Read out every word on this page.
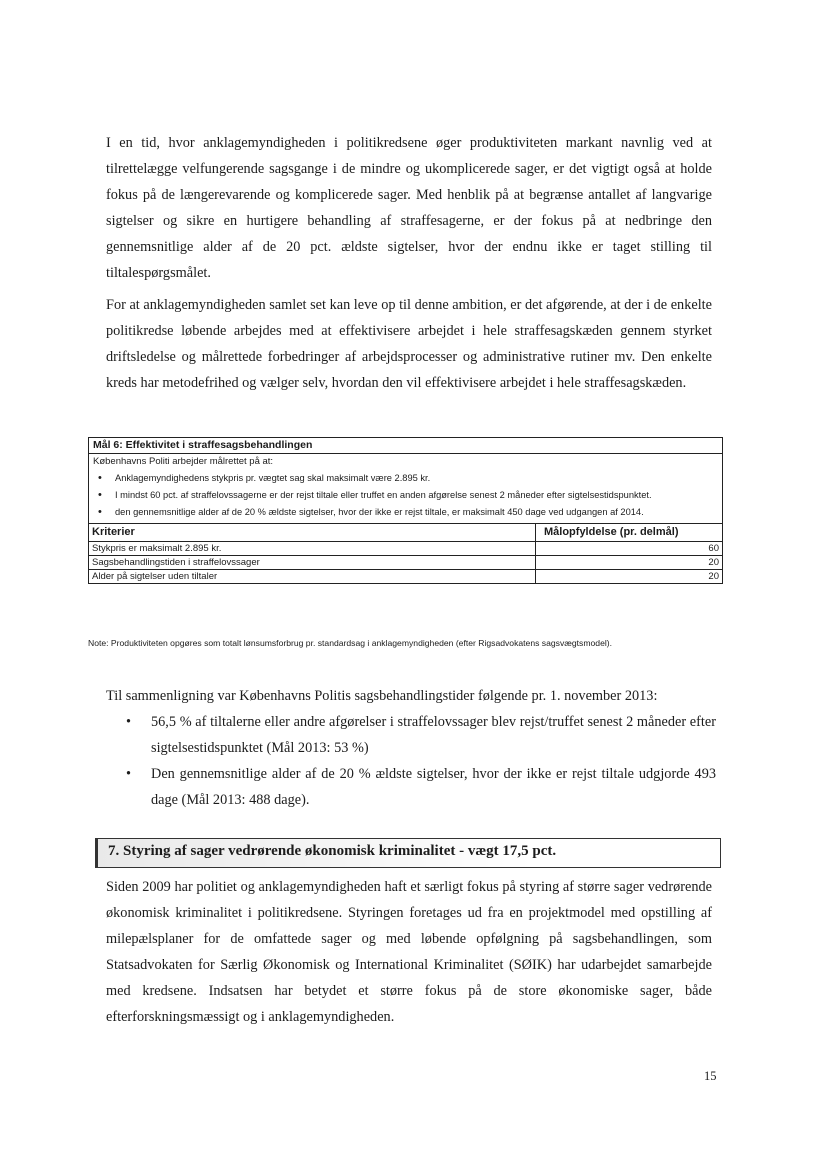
I en tid, hvor anklagemyndigheden i politikredsene øger produktiviteten markant navnlig ved at tilrettelægge velfungerende sagsgange i de mindre og ukomplicerede sager, er det vigtigt også at holde fokus på de længerevarende og komplicerede sager. Med henblik på at begrænse antallet af langvarige sigtelser og sikre en hurtigere behandling af straffesagerne, er der fokus på at nedbringe den gennemsnitlige alder af de 20 pct. ældste sigtelser, hvor der endnu ikke er taget stilling til tiltalespørgsmålet.

For at anklagemyndigheden samlet set kan leve op til denne ambition, er det afgørende, at der i de enkelte politikredse løbende arbejdes med at effektivisere arbejdet i hele straffesagskæden gennem styrket driftsledelse og målrettede forbedringer af arbejdsprocesser og administrative rutiner mv. Den enkelte kreds har metodefrihed og vælger selv, hvordan den vil effektivisere arbejdet i hele straffesagskæden.

Mål 6: Effektivitet i straffesagsbehandlingen
Københavns Politi arbejder målrettet på at:
• Anklagemyndighedens stykpris pr. vægtet sag skal maksimalt være 2.895 kr.
• I mindst 60 pct. af straffelovssagerne er der rejst tiltale eller truffet en anden afgørelse senest 2 måneder efter sigtelsestidspunktet.
• den gennemsnitlige alder af de 20 % ældste sigtelser, hvor der ikke er rejst tiltale, er maksimalt 450 dage ved udgangen af 2014.
Kriterier	Målopfyldelse (pr. delmål)
Stykpris er maksimalt 2.895 kr.	60
Sagsbehandlingstiden i straffelovssager	20
Alder på sigtelser uden tiltaler	20

Note: Produktiviteten opgøres som totalt lønsumsforbrug pr. standardsag i anklagemyndigheden (efter Rigsadvokatens sagsvægtsmodel).

Til sammenligning var Københavns Politis sagsbehandlingstider følgende pr. 1. november 2013:

• 56,5 % af tiltalerne eller andre afgørelser i straffelovssager blev rejst/truffet senest 2 måneder efter sigtelsestidspunktet (Mål 2013: 53 %)
• Den gennemsnitlige alder af de 20 % ældste sigtelser, hvor der ikke er rejst tiltale udgjorde 493 dage (Mål 2013: 488 dage).
7. Styring af sager vedrørende økonomisk kriminalitet - vægt 17,5 pct.

Siden 2009 har politiet og anklagemyndigheden haft et særligt fokus på styring af større sager vedrørende økonomisk kriminalitet i politikredsene. Styringen foretages ud fra en projektmodel med opstilling af milepælsplaner for de omfattede sager og med løbende opfølgning på sagsbehandlingen, som Statsadvokaten for Særlig Økonomisk og International Kriminalitet (SØIK) har udarbejdet samarbejde med kredsene. Indsatsen har betydet et større fokus på de store økonomiske sager, både efterforskningsmæssigt og i anklagemyndigheden.

15
